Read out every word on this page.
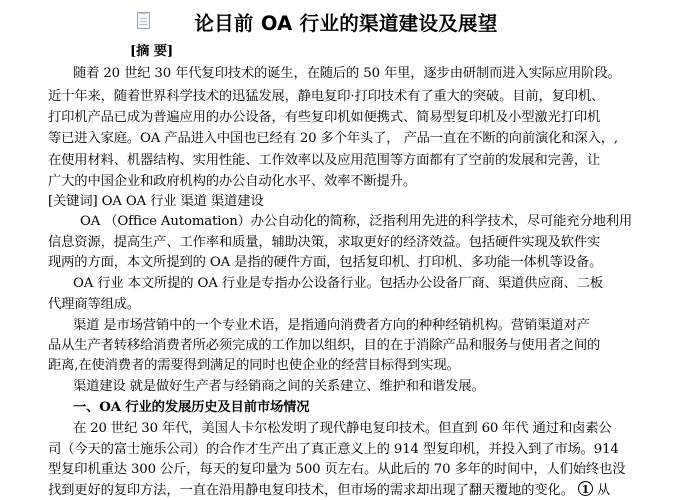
论目前 OA 行业的渠道建设及展望
[摘 要]
随着 20 世纪 30 年代复印技术的诞生，在随后的 50 年里，逐步由研制而进入实际应用阶段。
近十年来，随着世界科学技术的迅猛发展，静电复印·打印技术有了重大的突破。目前，复印机、
打印机产品已成为普遍应用的办公设备，有些复印机如便携式、简易型复印机及小型激光打印机
等已进入家庭。OA 产品进入中国也已经有 20 多个年头了， 产品一直在不断的向前演化和深入，,
在使用材料、机器结构、实用性能、工作效率以及应用范围等方面都有了空前的发展和完善，让
广大的中国企业和政府机构的办公自动化水平、效率不断提升。
[关键词] OA OA 行业 渠道 渠道建设
OA （Office Automation）办公自动化的简称，泛指利用先进的科学技术，尽可能充分地利用
信息资源，提高生产、工作率和质量，辅助决策，求取更好的经济效益。包括硬件实现及软件实
现两的方面，本文所提到的 OA 是指的硬件方面，包括复印机、打印机、多功能一体机等设备。
OA 行业 本文所提的 OA 行业是专指办公设备行业。包括办公设备厂商、渠道供应商、二板
代理商等组成。
渠道 是市场营销中的一个专业术语，是指通向消费者方向的种种经销机构。营销渠道对产
品从生产者转移给消费者所必须完成的工作加以组织，目的在于消除产品和服务与使用者之间的
距离,在使消费者的需要得到满足的同时也使企业的经营目标得到实现。
渠道建设 就是做好生产者与经销商之间的关系建立、维护和和谐发展。
一、OA 行业的发展历史及目前市场情况
在 20 世纪 30 年代，美国人卡尔松发明了现代静电复印技术。但直到 60 年代 通过和卤素公
司（今天的富士施乐公司）的合作才生产出了真正意义上的 914 型复印机，并投入到了市场。914
型复印机重达 300 公斤，每天的复印量为 500 页左右。从此后的 70 多年的时间中，人们始终也没
找到更好的复印方法，一直在沿用静电复印技术，但市场的需求却出现了翻天覆地的变化。 1 从
